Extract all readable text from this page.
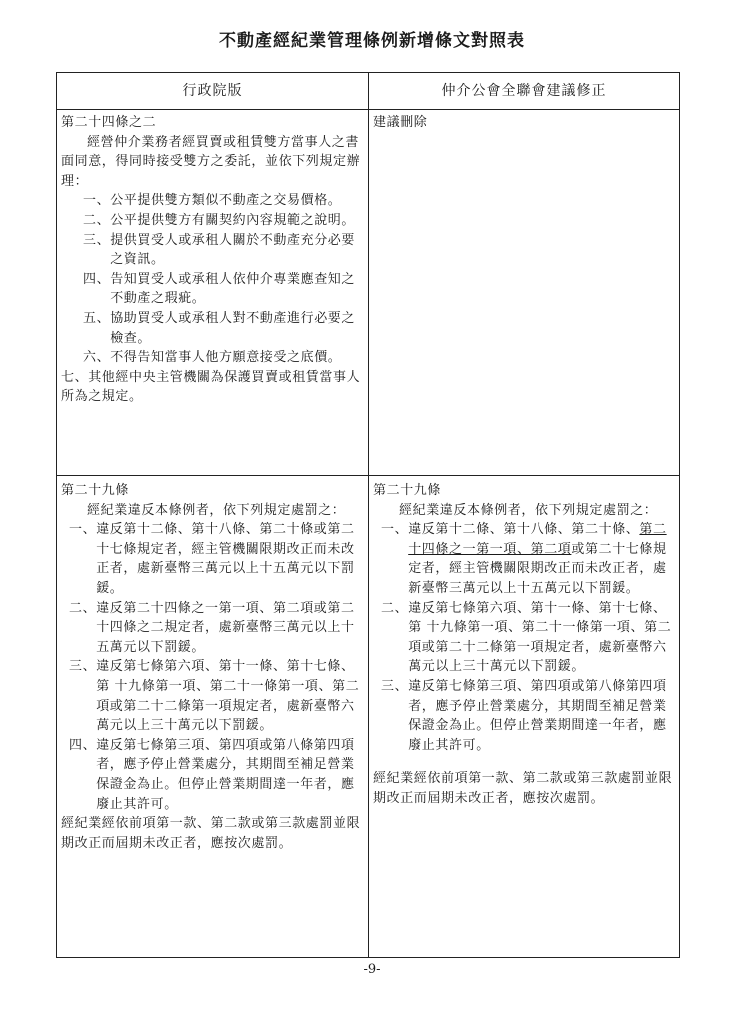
不動產經紀業管理條例新增條文對照表
行政院版	仲介公會全聯會建議修正

第二十四條之二

經營仲介業務者經買賣或租賃雙方當事人之書面同意，得同時接受雙方之委託，並依下列規定辦理：

一、 公平提供雙方類似不動產之交易價格。
二、 公平提供雙方有關契約內容規範之說明。
三、 提供買受人或承租人關於不動產充分必要之資訊。
四、 告知買受人或承租人依仲介專業應查知之不動產之瑕疵。
五、 協助買受人或承租人對不動產進行必要之檢查。
六、 不得告知當事人他方願意接受之底價。

七、其他經中央主管機關為保護買賣或租賃當事人所為之規定。

建議刪除

第二十九條

經紀業違反本條例者，依下列規定處罰之：

一、 違反第十二條、第十八條、第二十條或第二十七條規定者，經主管機關限期改正而未改正者，處新臺幣三萬元以上十五萬元以下罰鍰。
二、 違反第二十四條之一第一項、第二項或第二十四條之二規定者，處新臺幣三萬元以上十五萬元以下罰鍰。
三、 違反第七條第六項、第十一條、第十七條、第 十九條第一項、第二十一條第一項、第二項或第二十二條第一項規定者，處新臺幣六萬元以上三十萬元以下罰鍰。
四、 違反第七條第三項、第四項或第八條第四項者，應予停止營業處分，其期間至補足營業保證金為止。但停止營業期間達一年者，應廢止其許可。

經紀業經依前項第一款、第二款或第三款處罰並限期改正而屆期未改正者，應按次處罰。

第二十九條

經紀業違反本條例者，依下列規定處罰之：

一、 違反第十二條、第十八條、第二十條、第二十四條之一第一項、第二項或第二十七條規定者，經主管機關限期改正而未改正者，處新臺幣三萬元以上十五萬元以下罰鍰。
二、 違反第七條第六項、第十一條、第十七條、第 十九條第一項、第二十一條第一項、第二項或第二十二條第一項規定者，處新臺幣六萬元以上三十萬元以下罰鍰。
三、 違反第七條第三項、第四項或第八條第四項者，應予停止營業處分，其期間至補足營業保證金為止。但停止營業期間達一年者，應廢止其許可。

經紀業經依前項第一款、第二款或第三款處罰並限期改正而屆期未改正者，應按次處罰。

-9-
